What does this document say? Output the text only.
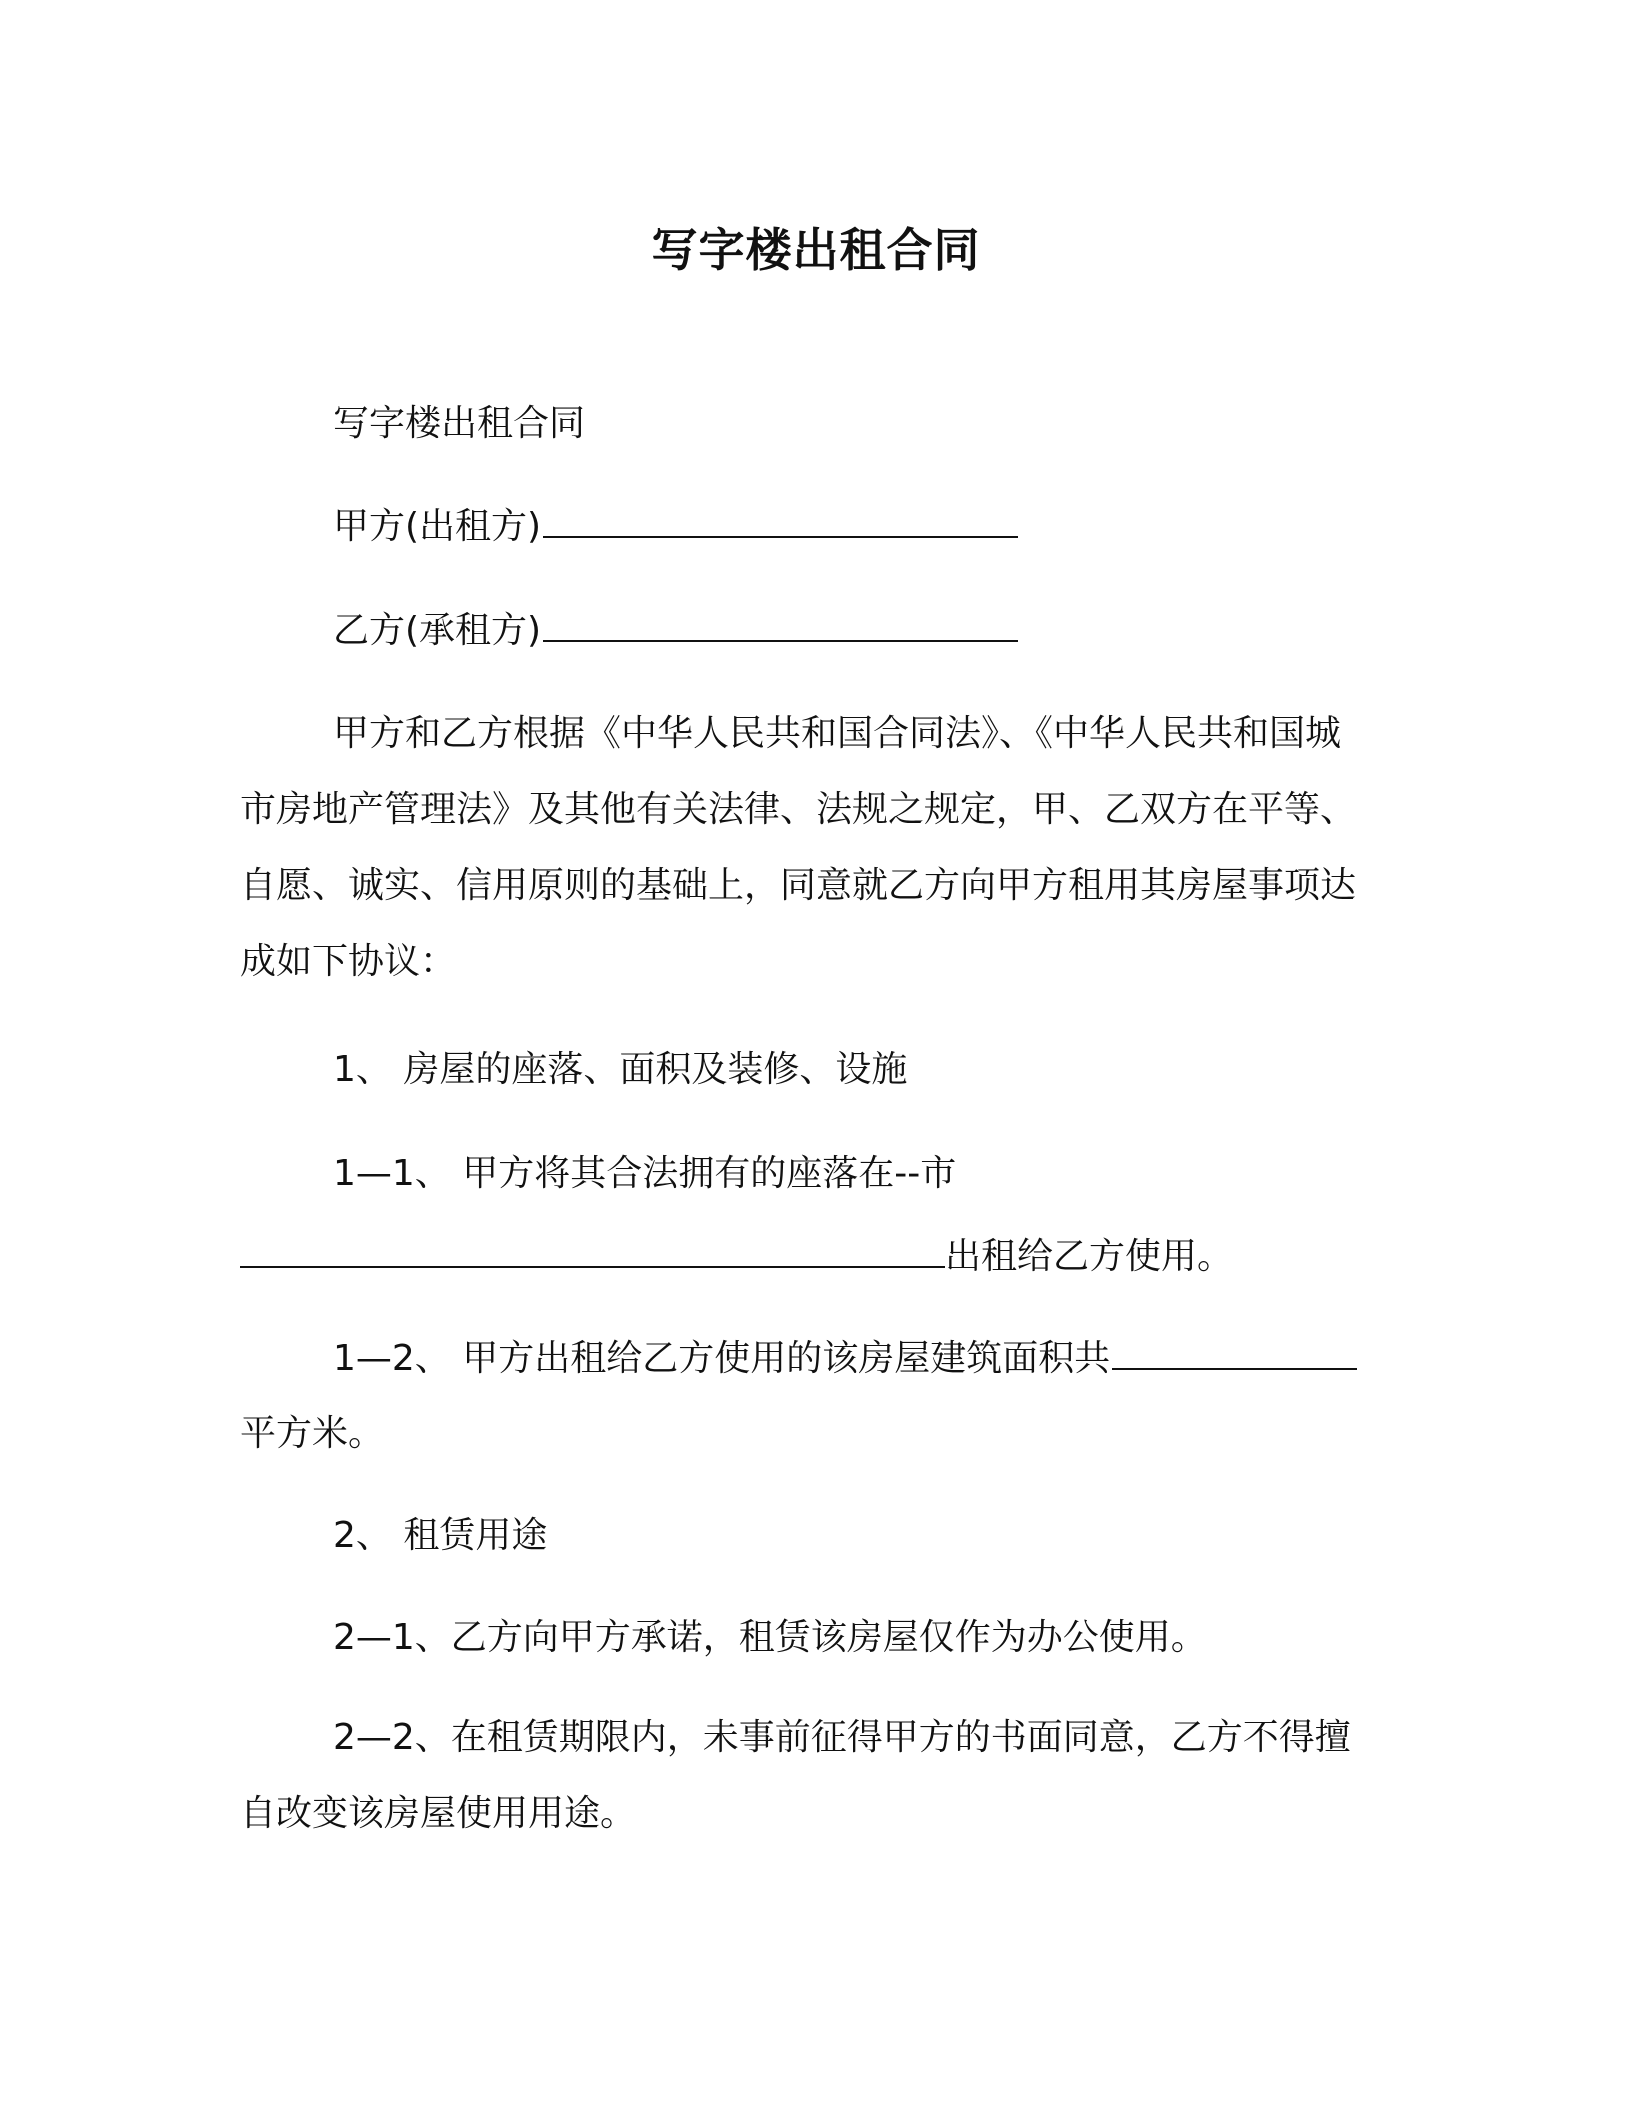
写字楼出租合同
写字楼出租合同
甲方(出租方)
乙方(承租方)
甲方和乙方根据《中华人民共和国合同法》、《中华人民共和国城市房地产管理法》及其他有关法律、法规之规定，甲、乙双方在平等、自愿、诚实、信用原则的基础上，同意就乙方向甲方租用其房屋事项达成如下协议：
1、 房屋的座落、面积及装修、设施
1—1、 甲方将其合法拥有的座落在--市
出租给乙方使用。
1—2、 甲方出租给乙方使用的该房屋建筑面积共
平方米。
2、 租赁用途
2—1、乙方向甲方承诺，租赁该房屋仅作为办公使用。
2—2、在租赁期限内，未事前征得甲方的书面同意，乙方不得擅自改变该房屋使用用途。
